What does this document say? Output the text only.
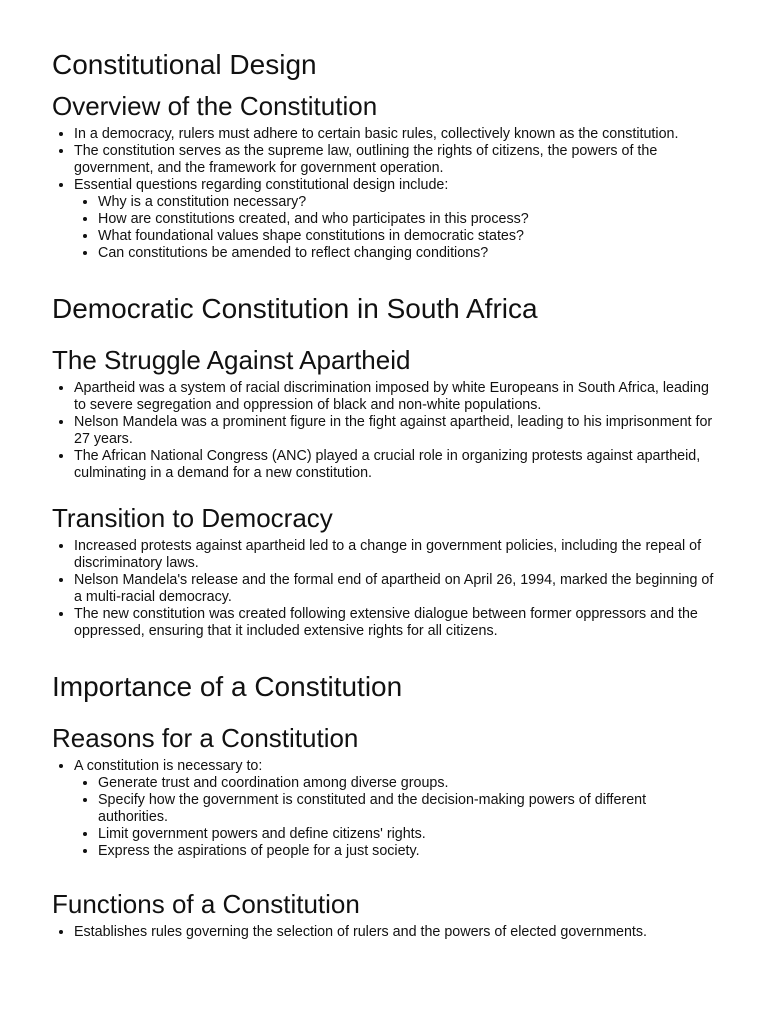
Constitutional Design
Overview of the Constitution
• In a democracy, rulers must adhere to certain basic rules, collectively known as the constitution.
• The constitution serves as the supreme law, outlining the rights of citizens, the powers of the government, and the framework for government operation.
• Essential questions regarding constitutional design include:
• Why is a constitution necessary?
• How are constitutions created, and who participates in this process?
• What foundational values shape constitutions in democratic states?
• Can constitutions be amended to reflect changing conditions?
Democratic Constitution in South Africa
The Struggle Against Apartheid
• Apartheid was a system of racial discrimination imposed by white Europeans in South Africa, leading to severe segregation and oppression of black and non-white populations.
• Nelson Mandela was a prominent figure in the fight against apartheid, leading to his imprisonment for 27 years.
• The African National Congress (ANC) played a crucial role in organizing protests against apartheid, culminating in a demand for a new constitution.
Transition to Democracy
• Increased protests against apartheid led to a change in government policies, including the repeal of discriminatory laws.
• Nelson Mandela's release and the formal end of apartheid on April 26, 1994, marked the beginning of a multi-racial democracy.
• The new constitution was created following extensive dialogue between former oppressors and the oppressed, ensuring that it included extensive rights for all citizens.
Importance of a Constitution
Reasons for a Constitution
• A constitution is necessary to:
• Generate trust and coordination among diverse groups.
• Specify how the government is constituted and the decision-making powers of different authorities.
• Limit government powers and define citizens' rights.
• Express the aspirations of people for a just society.
Functions of a Constitution
• Establishes rules governing the selection of rulers and the powers of elected governments.
